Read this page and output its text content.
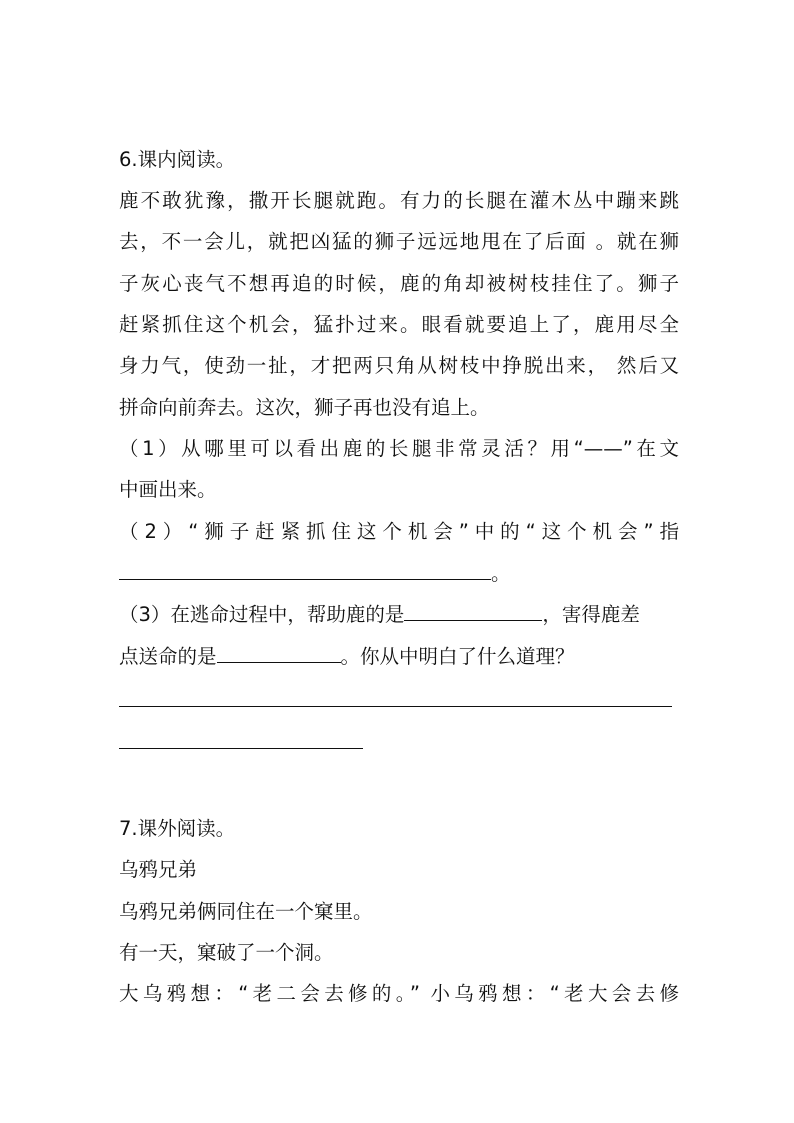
6.课内阅读。
鹿不敢犹豫，撒开长腿就跑。有力的长腿在灌木丛中蹦来跳
去，不一会儿，就把凶猛的狮子远远地甩在了后面 。就在狮
子灰心丧气不想再追的时候，鹿的角却被树枝挂住了。狮子
赶紧抓住这个机会，猛扑过来。眼看就要追上了，鹿用尽全
身力气，使劲一扯，才把两只角从树枝中挣脱出来， 然后又
拼命向前奔去。这次，狮子再也没有追上。
（1）从哪里可以看出鹿的长腿非常灵活？用“——”在文
中画出来。
（2）“狮子赶紧抓住这个机会”中的“这个机会”指
。
（3）在逃命过程中，帮助鹿的是	，害得鹿差
点送命的是	。你从中明白了什么道理？
7.课外阅读。
乌鸦兄弟
乌鸦兄弟俩同住在一个窠里。
有一天，窠破了一个洞。
大乌鸦想：“老二会去修的。” 小乌鸦想：“老大会去修
